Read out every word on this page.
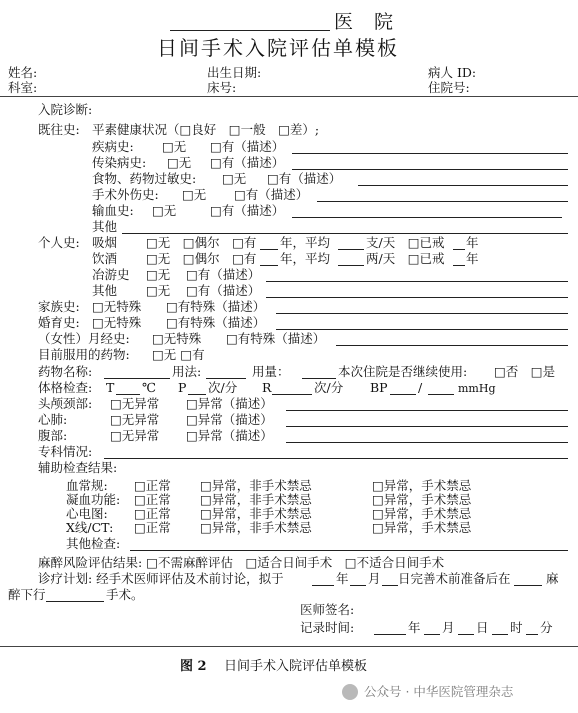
医　院
日间手术入院评估单模板
姓名:	出生日期:	病人 ID:
科室:	床号:	住院号:
入院诊断:
既往史: 平素健康状况（□良好　□一般　□差）;
疾病史: □无 □有（描述）
传染病史: □无 □有（描述）
食物、药物过敏史: □无 □有（描述）
手术外伤史: □无 □有（描述）
输血史: □无	□有（描述）
其他
个人史: 吸烟 □无　□偶尔　□有 年，平均	支/天　□已戒 年
饮酒 □无　□偶尔　□有 年，平均	两/天　□已戒 年
冶游史 □无 □有（描述）
其他 □无 □有（描述）
家族史: □无特殊 □有特殊（描述）
婚育史: □无特殊 □有特殊（描述）
（女性）月经史: □无特殊 □有特殊（描述）
目前服用的药物: □无 □有
药物名称:	用法:	用量：	本次住院是否继续使用: □否　□是
体格检查: T ℃ P 次/分 R	次/分 BP /	mmHg
头颅颈部: □无异常 □异常（描述）
心肺:	□无异常 □异常（描述）
腹部:	□无异常 □异常（描述）
专科情况:
辅助检查结果:
血常规: □正常 □异常，非手术禁忌	□异常，手术禁忌
凝血功能: □正常 □异常，非手术禁忌	□异常，手术禁忌
心电图: □正常 □异常，非手术禁忌	□异常，手术禁忌
X线/CT: □正常 □异常，非手术禁忌	□异常，手术禁忌
其他检查:
麻醉风险评估结果: □不需麻醉评估　□适合日间手术　□不适合日间手术
诊疗计划: 经手术医师评估及术前讨论，拟于	年 月 日完善术前准备后在	麻
醉下行	手术。
医师签名:
记录时间:	年 月 日 时 分
图 2 日间手术入院评估单模板
公众号 · 中华医院管理杂志
